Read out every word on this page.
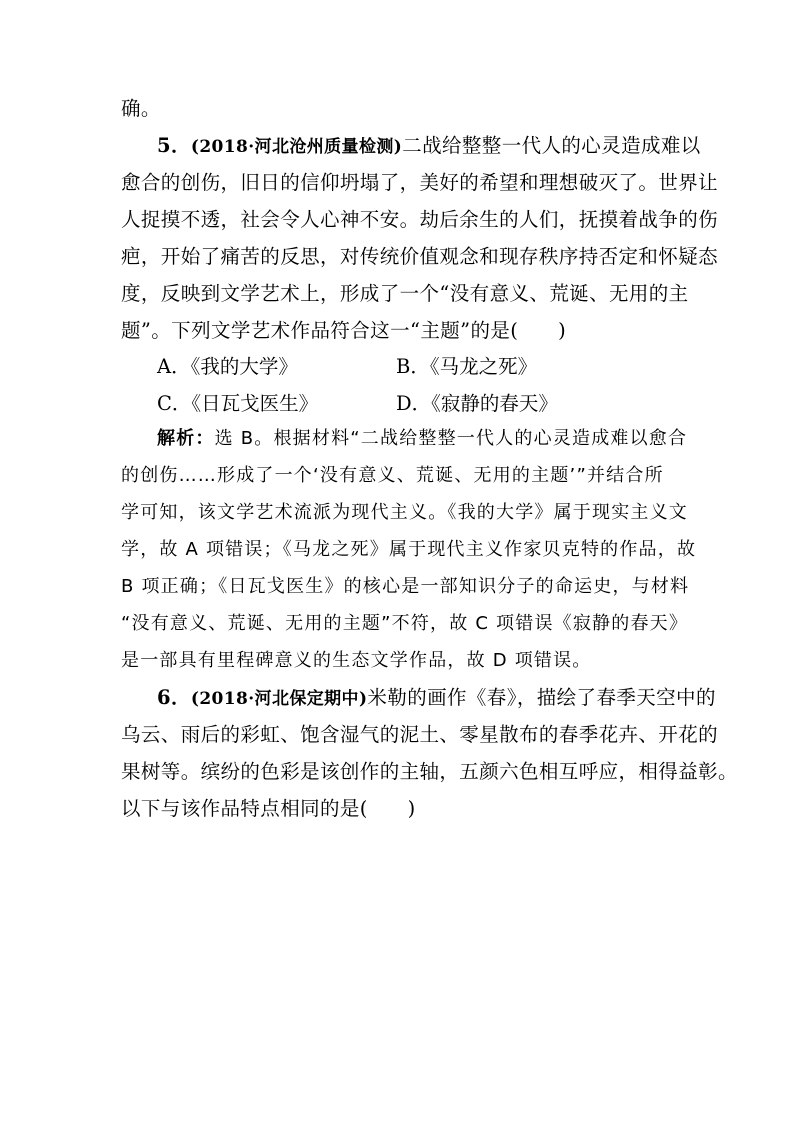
确。
5．(2018·河北沧州质量检测)二战给整整一代人的心灵造成难以
愈合的创伤，旧日的信仰坍塌了，美好的希望和理想破灭了。世界让
人捉摸不透，社会令人心神不安。劫后余生的人们，抚摸着战争的伤
疤，开始了痛苦的反思，对传统价值观念和现存秩序持否定和怀疑态
度，反映到文学艺术上，形成了一个“没有意义、荒诞、无用的主
题”。下列文学艺术作品符合这一“主题”的是(　　)
A．《我的大学》	B．《马龙之死》
C．《日瓦戈医生》	D．《寂静的春天》
解析：选 B。根据材料“二战给整整一代人的心灵造成难以愈合
的创伤……形成了一个‘没有意义、荒诞、无用的主题’”并结合所
学可知，该文学艺术流派为现代主义。《我的大学》属于现实主义文
学，故 A 项错误；《马龙之死》属于现代主义作家贝克特的作品，故
B 项正确；《日瓦戈医生》的核心是一部知识分子的命运史，与材料
“没有意义、荒诞、无用的主题”不符，故 C 项错误《寂静的春天》
是一部具有里程碑意义的生态文学作品，故 D 项错误。
6．(2018·河北保定期中)米勒的画作《春》，描绘了春季天空中的
乌云、雨后的彩虹、饱含湿气的泥土、零星散布的春季花卉、开花的
果树等。缤纷的色彩是该创作的主轴，五颜六色相互呼应，相得益彰。
以下与该作品特点相同的是(　　)
